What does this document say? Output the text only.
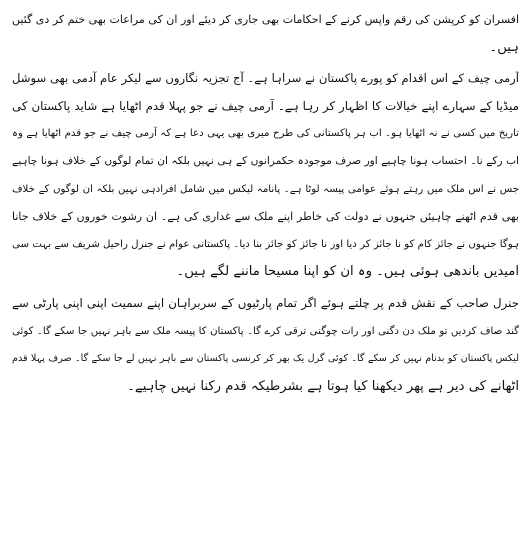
افسران کو کرپشن کی رقم واپس کرنے کے احکامات بھی جاری کر دیئے اور ان کی مراعات بھی ختم کر دی گئیں
ہیں۔
آرمی چیف کے اس اقدام کو پورے پاکستان نے سراہا ہے۔ آج تجزیہ نگاروں سے لیکر عام آدمی بھی سوشل
میڈیا کے سہارے اپنے خیالات کا اظہار کر رہا ہے۔ آرمی چیف نے جو پہلا قدم اٹھایا ہے شاید پاکستان کی
تاریخ میں کسی نے نہ اٹھایا ہو۔ اب ہر پاکستانی کی طرح میری بھی یہی دعا ہے کہ آرمی چیف نے جو قدم اٹھایا ہے وہ
اب رکے نا۔ احتساب ہونا چاہیے اور صرف موجودہ حکمرانوں کے ہی نہیں بلکہ ان تمام لوگوں کے خلاف ہونا چاہیے
جس نے اس ملک میں رہتے ہوئے عوامی پیسہ لوٹا ہے۔ پانامہ لیکس میں شامل افرادہی نہیں بلکہ ان لوگوں کے خلاف
بھی قدم اٹھنے چاہیئں جنہوں نے دولت کی خاطر اپنے ملک سے غداری کی ہے۔ ان رشوت خوروں کے خلاف جانا
ہوگا جنہوں نے جائز کام کو نا جائز کر دیا اور نا جائز کو جائز بنا دیا۔ پاکستانی عوام نے جنرل راحیل شریف سے بہت سی
امیدیں باندھی ہوئی ہیں۔ وہ ان کو اپنا مسیحا ماننے لگے ہیں۔
جنرل صاحب کے نقش قدم پر چلتے ہوئے اگر تمام پارٹیوں کے سربراہان اپنے سمیت اپنی اپنی پارٹی سے
گند صاف کردیں تو ملک دن دگنی اور رات چوگنی ترقی کرے گا۔ پاکستان کا پیسہ ملک سے باہر نہیں جا سکے گا۔ کوئی
لیکس پاکستان کو بدنام نہیں کر سکے گا۔ کوئی گرل یک بھر کر کرنسی پاکستان سے باہر نہیں لے جا سکے گا۔ صرف پہلا قدم
اٹھانے کی دیر ہے پھر دیکھنا کیا ہوتا ہے بشرطیکہ قدم رکنا نہیں چاہیے۔
